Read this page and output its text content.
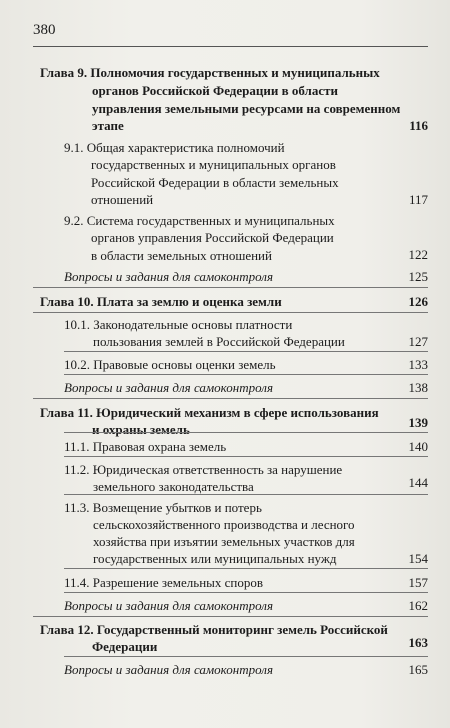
380
Глава 9. Полномочия государственных и муниципальных
органов Российской Федерации в области
управления земельными ресурсами на современном
этапе	116
9.1. Общая характеристика полномочий
государственных и муниципальных органов
Российской Федерации в области земельных
отношений	117
9.2. Система государственных и муниципальных
органов управления Российской Федерации
в области земельных отношений	122
Вопросы и задания для самоконтроля	125
Глава 10. Плата за землю и оценка земли	126
10.1. Законодательные основы платности
пользования землей в Российской Федерации	127
10.2. Правовые основы оценки земель	133
Вопросы и задания для самоконтроля	138
Глава 11. Юридический механизм в сфере использования
и охраны земель	139
11.1. Правовая охрана земель	140
11.2. Юридическая ответственность за нарушение
земельного законодательства	144
11.3. Возмещение убытков и потерь
сельскохозяйственного производства и лесного
хозяйства при изъятии земельных участков для
государственных или муниципальных нужд	154
11.4. Разрешение земельных споров	157
Вопросы и задания для самоконтроля	162
Глава 12. Государственный мониторинг земель Российской
Федерации	163
Вопросы и задания для самоконтроля	165
